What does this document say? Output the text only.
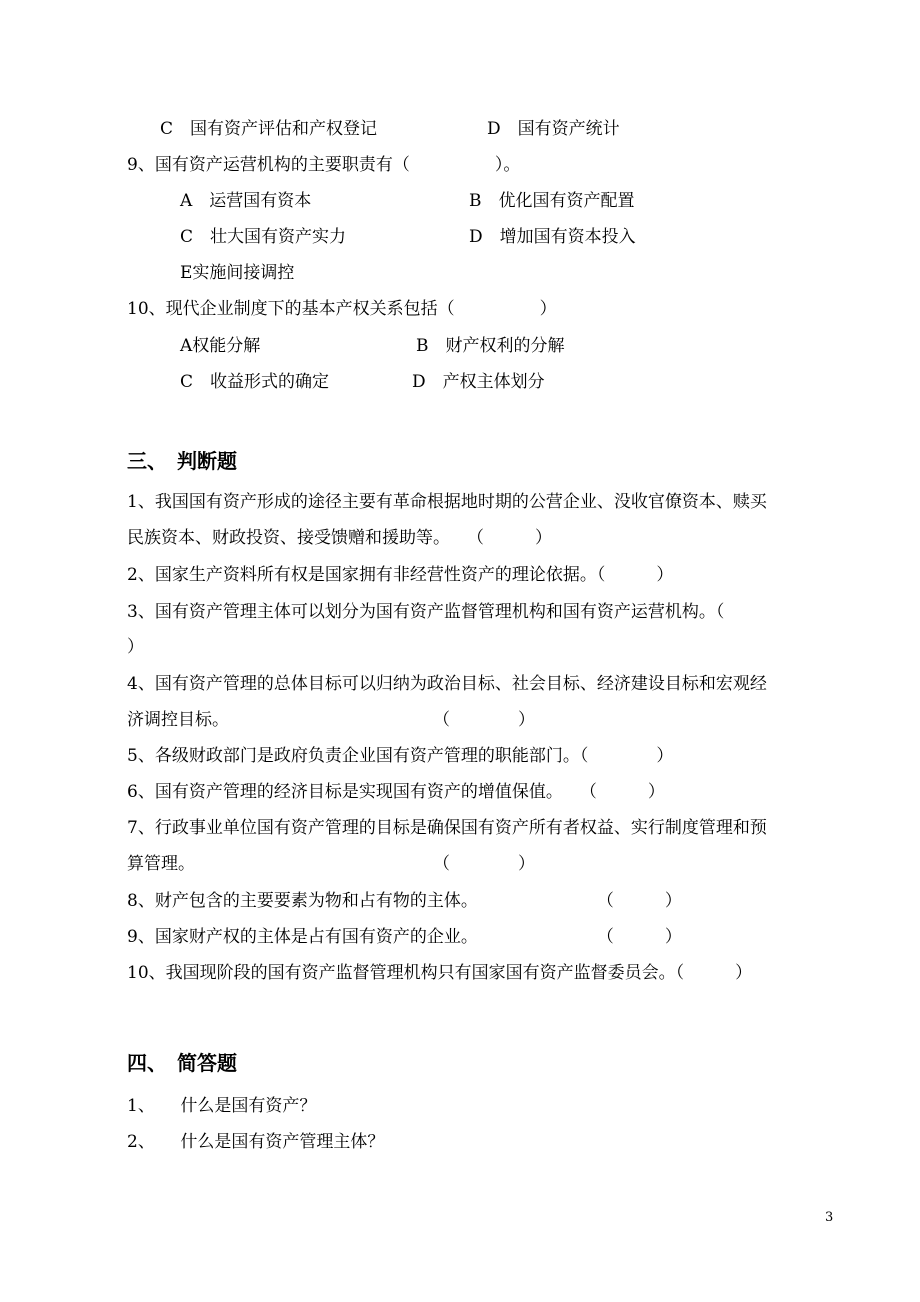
C　国有资产评估和产权登记	D　国有资产统计
9、国有资产运营机构的主要职责有（　　　　　）。
A　运营国有资本	B　优化国有资产配置
C　壮大国有资产实力	D　增加国有资本投入
E实施间接调控
10、现代企业制度下的基本产权关系包括（　　　　　）
A权能分解	B　财产权利的分解
C　收益形式的确定	D　产权主体划分
三、　判断题
1、我国国有资产形成的途径主要有革命根据地时期的公营企业、没收官僚资本、赎买
民族资本、财政投资、接受馈赠和援助等。　　（　　　）
2、国家生产资料所有权是国家拥有非经营性资产的理论依据。（　　　）
3、国有资产管理主体可以划分为国有资产监督管理机构和国有资产运营机构。（
）
4、国有资产管理的总体目标可以归纳为政治目标、社会目标、经济建设目标和宏观经
济调控目标。　　　　　　　　　　　　　（　　　　）
5、各级财政部门是政府负责企业国有资产管理的职能部门。（　　　　）
6、国有资产管理的经济目标是实现国有资产的增值保值。　　（　　　）
7、行政事业单位国有资产管理的目标是确保国有资产所有者权益、实行制度管理和预
算管理。　　　　　　　　　　　　　　　（　　　　）
8、财产包含的主要要素为物和占有物的主体。　　　　　　　　（　　　）
9、国家财产权的主体是占有国有资产的企业。　　　　　　　　（　　　）
10、我国现阶段的国有资产监督管理机构只有国家国有资产监督委员会。（　　　）
四、　简答题
1、　　什么是国有资产？
2、　　什么是国有资产管理主体？
3
